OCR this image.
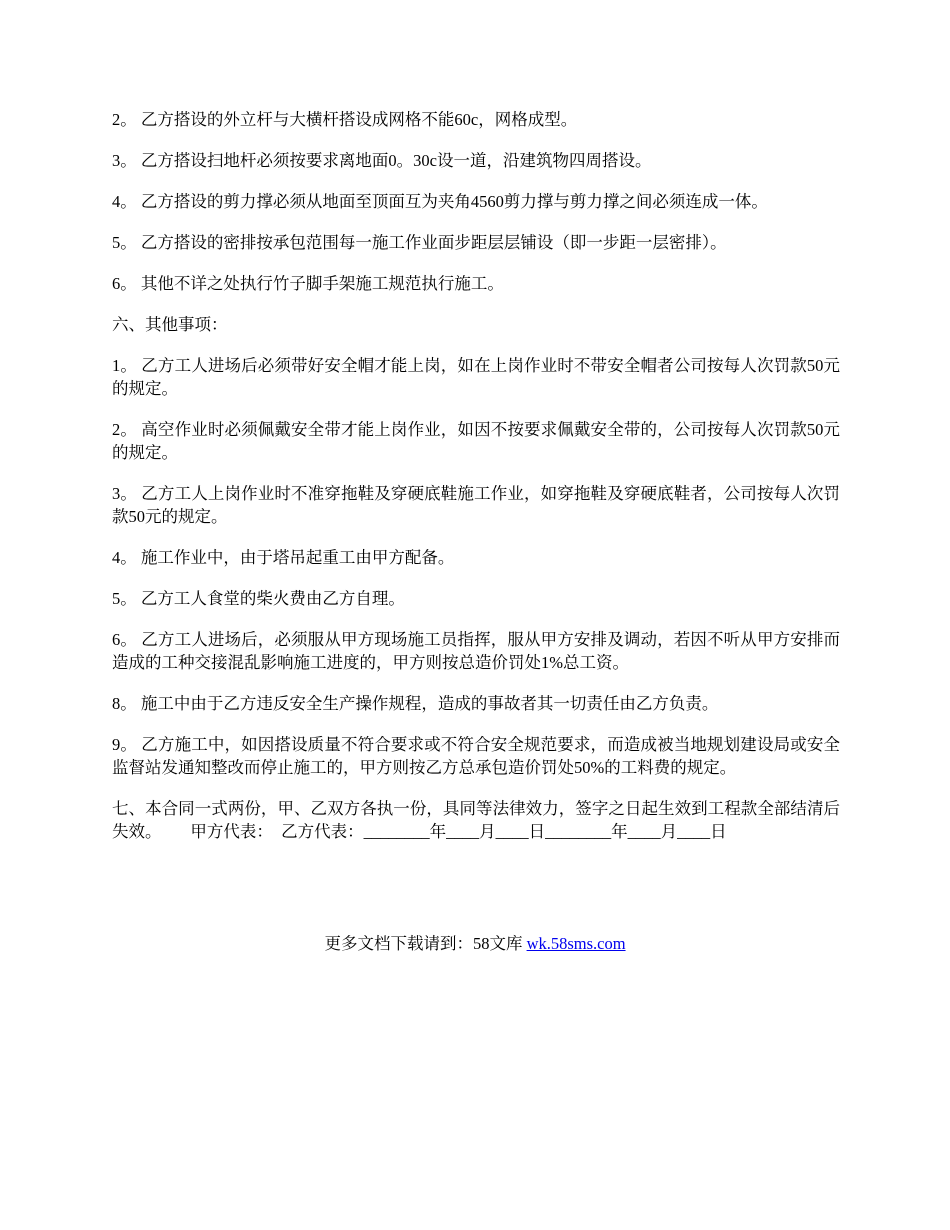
2。 乙方搭设的外立杆与大横杆搭设成网格不能60c，网格成型。

3。 乙方搭设扫地杆必须按要求离地面0。30c设一道，沿建筑物四周搭设。

4。 乙方搭设的剪力撑必须从地面至顶面互为夹角4560剪力撑与剪力撑之间必须连成一体。

5。 乙方搭设的密排按承包范围每一施工作业面步距层层铺设（即一步距一层密排）。

6。 其他不详之处执行竹子脚手架施工规范执行施工。

六、其他事项：

1。 乙方工人进场后必须带好安全帽才能上岗，如在上岗作业时不带安全帽者公司按每人次罚款50元的规定。

2。 高空作业时必须佩戴安全带才能上岗作业，如因不按要求佩戴安全带的，公司按每人次罚款50元的规定。

3。 乙方工人上岗作业时不准穿拖鞋及穿硬底鞋施工作业，如穿拖鞋及穿硬底鞋者，公司按每人次罚款50元的规定。

4。 施工作业中，由于塔吊起重工由甲方配备。

5。 乙方工人食堂的柴火费由乙方自理。

6。 乙方工人进场后，必须服从甲方现场施工员指挥，服从甲方安排及调动，若因不听从甲方安排而造成的工种交接混乱影响施工进度的，甲方则按总造价罚处1%总工资。

8。 施工中由于乙方违反安全生产操作规程，造成的事故者其一切责任由乙方负责。

9。 乙方施工中，如因搭设质量不符合要求或不符合安全规范要求，而造成被当地规划建设局或安全监督站发通知整改而停止施工的，甲方则按乙方总承包造价罚处50%的工料费的规定。

七、本合同一式两份，甲、乙双方各执一份，具同等法律效力，签字之日起生效到工程款全部结清后失效。　　 甲方代表：　乙方代表：________年____月____日________年____月____日

更多文档下载请到：58文库 wk.58sms.com
